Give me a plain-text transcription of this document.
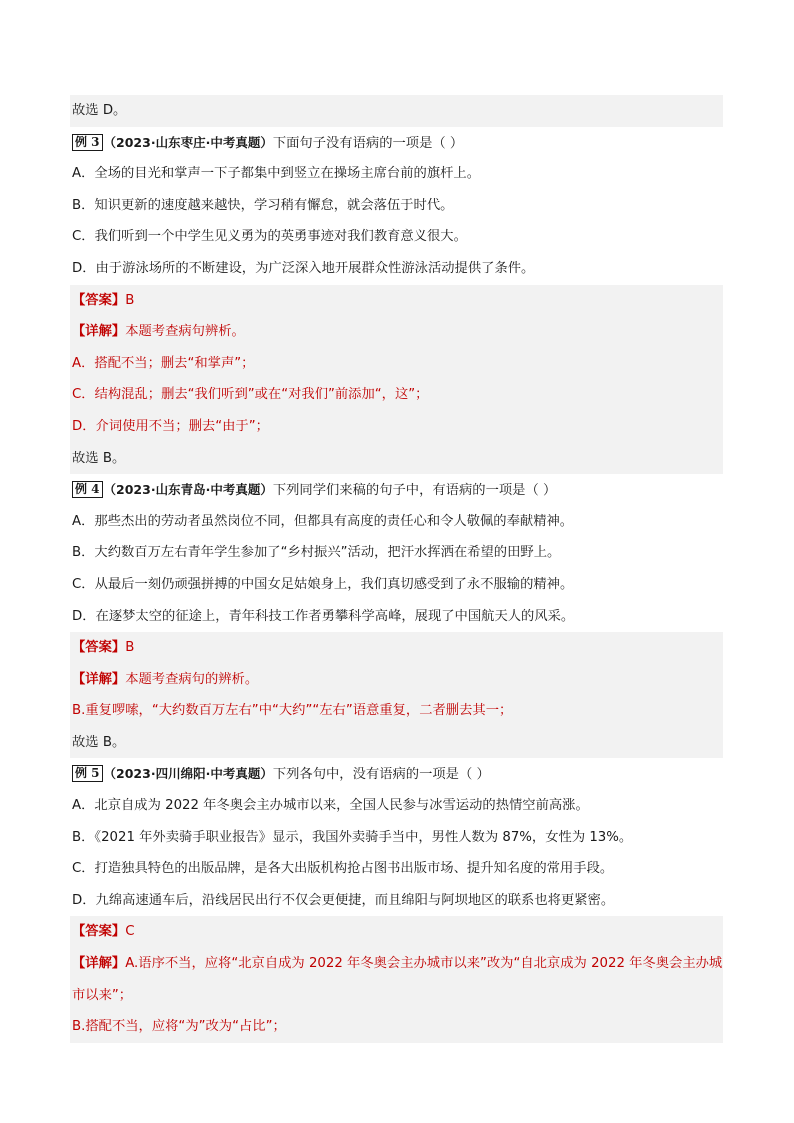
故选 D。
例 3 （2023·山东枣庄·中考真题）下面句子没有语病的一项是（ ）
A．全场的目光和掌声一下子都集中到竖立在操场主席台前的旗杆上。
B．知识更新的速度越来越快，学习稍有懈怠，就会落伍于时代。
C．我们听到一个中学生见义勇为的英勇事迹对我们教育意义很大。
D．由于游泳场所的不断建设，为广泛深入地开展群众性游泳活动提供了条件。
【答案】B
【详解】本题考查病句辨析。
A．搭配不当；删去“和掌声”；
C．结构混乱；删去“我们听到”或在“对我们”前添加“，这”；
D．介词使用不当；删去“由于”；
故选 B。
例 4 （2023·山东青岛·中考真题）下列同学们来稿的句子中，有语病的一项是（ ）
A．那些杰出的劳动者虽然岗位不同，但都具有高度的责任心和令人敬佩的奉献精神。
B．大约数百万左右青年学生参加了“乡村振兴”活动，把汗水挥洒在希望的田野上。
C．从最后一刻仍顽强拼搏的中国女足姑娘身上，我们真切感受到了永不服输的精神。
D．在逐梦太空的征途上，青年科技工作者勇攀科学高峰，展现了中国航天人的风采。
【答案】B
【详解】本题考查病句的辨析。
B.重复啰嗦，“大约数百万左右”中“大约”“左右”语意重复，二者删去其一；
故选 B。
例 5 （2023·四川绵阳·中考真题）下列各句中，没有语病的一项是（ ）
A．北京自成为 2022 年冬奥会主办城市以来，全国人民参与冰雪运动的热情空前高涨。
B．《2021 年外卖骑手职业报告》显示，我国外卖骑手当中，男性人数为 87%，女性为 13%。
C．打造独具特色的出版品牌，是各大出版机构抢占图书出版市场、提升知名度的常用手段。
D．九绵高速通车后，沿线居民出行不仅会更便捷，而且绵阳与阿坝地区的联系也将更紧密。
【答案】C
【详解】A.语序不当，应将“北京自成为 2022 年冬奥会主办城市以来”改为“自北京成为 2022 年冬奥会主办城市以来”；
B.搭配不当，应将“为”改为“占比”；
